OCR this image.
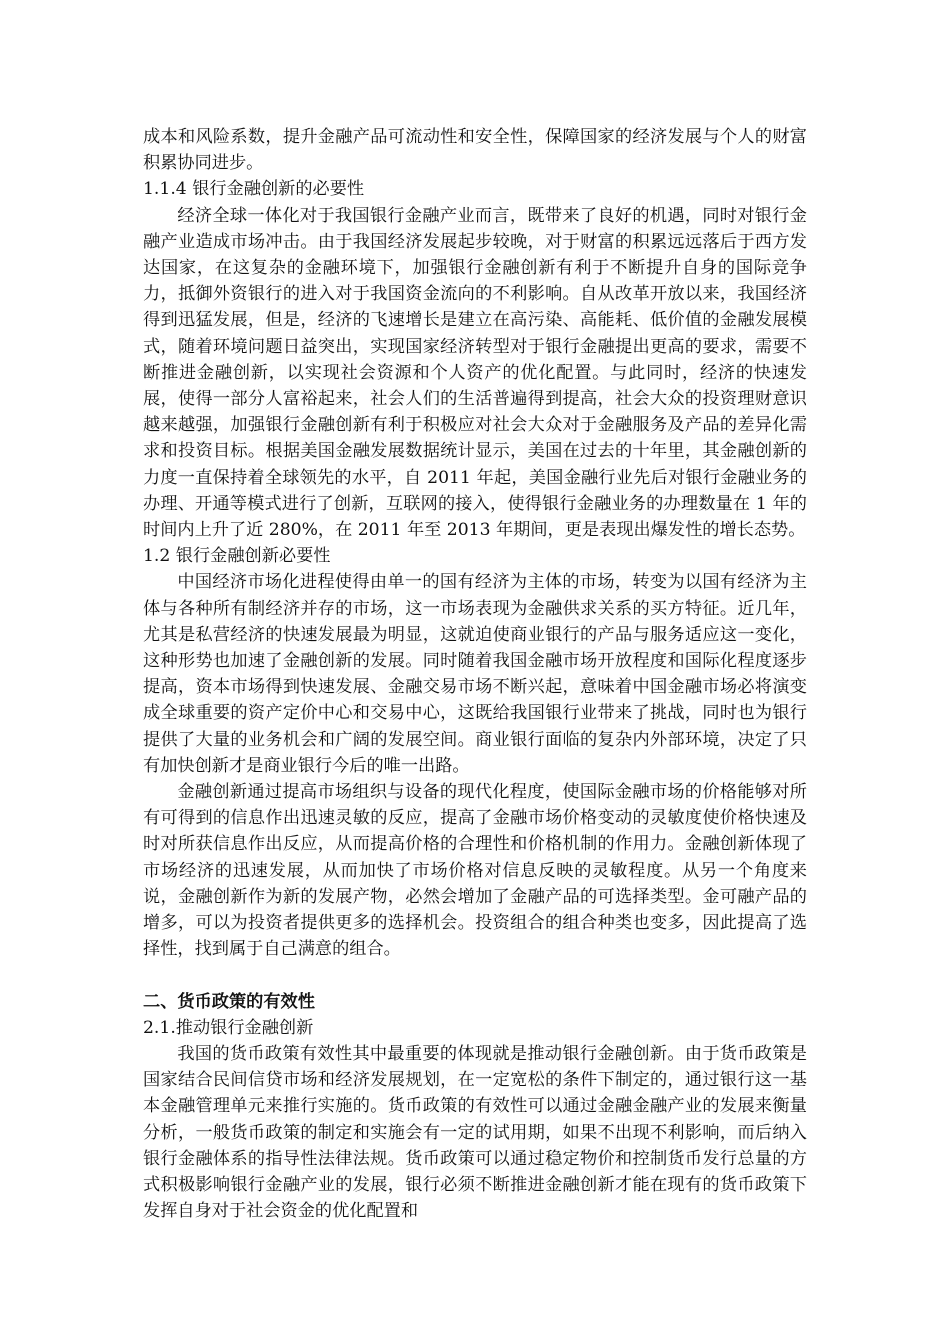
成本和风险系数，提升金融产品可流动性和安全性，保障国家的经济发展与个人的财富积累协同进步。

1.1.4 银行金融创新的必要性

经济全球一体化对于我国银行金融产业而言，既带来了良好的机遇，同时对银行金融产业造成市场冲击。由于我国经济发展起步较晚，对于财富的积累远远落后于西方发达国家，在这复杂的金融环境下，加强银行金融创新有利于不断提升自身的国际竞争力，抵御外资银行的进入对于我国资金流向的不利影响。自从改革开放以来，我国经济得到迅猛发展，但是，经济的飞速增长是建立在高污染、高能耗、低价值的金融发展模式，随着环境问题日益突出，实现国家经济转型对于银行金融提出更高的要求，需要不断推进金融创新，以实现社会资源和个人资产的优化配置。与此同时，经济的快速发展，使得一部分人富裕起来，社会人们的生活普遍得到提高，社会大众的投资理财意识越来越强，加强银行金融创新有利于积极应对社会大众对于金融服务及产品的差异化需求和投资目标。根据美国金融发展数据统计显示，美国在过去的十年里，其金融创新的力度一直保持着全球领先的水平，自 2011 年起，美国金融行业先后对银行金融业务的办理、开通等模式进行了创新，互联网的接入，使得银行金融业务的办理数量在 1 年的时间内上升了近 280%，在 2011 年至 2013 年期间，更是表现出爆发性的增长态势。

1.2 银行金融创新必要性

中国经济市场化进程使得由单一的国有经济为主体的市场，转变为以国有经济为主体与各种所有制经济并存的市场，这一市场表现为金融供求关系的买方特征。近几年，尤其是私营经济的快速发展最为明显，这就迫使商业银行的产品与服务适应这一变化，这种形势也加速了金融创新的发展。同时随着我国金融市场开放程度和国际化程度逐步提高，资本市场得到快速发展、金融交易市场不断兴起，意味着中国金融市场必将演变成全球重要的资产定价中心和交易中心，这既给我国银行业带来了挑战，同时也为银行提供了大量的业务机会和广阔的发展空间。商业银行面临的复杂内外部环境，决定了只有加快创新才是商业银行今后的唯一出路。

金融创新通过提高市场组织与设备的现代化程度，使国际金融市场的价格能够对所有可得到的信息作出迅速灵敏的反应，提高了金融市场价格变动的灵敏度使价格快速及时对所获信息作出反应，从而提高价格的合理性和价格机制的作用力。金融创新体现了市场经济的迅速发展，从而加快了市场价格对信息反映的灵敏程度。从另一个角度来说，金融创新作为新的发展产物，必然会增加了金融产品的可选择类型。金可融产品的增多，可以为投资者提供更多的选择机会。投资组合的组合种类也变多，因此提高了选择性，找到属于自己满意的组合。

二、货币政策的有效性

2.1.推动银行金融创新

我国的货币政策有效性其中最重要的体现就是推动银行金融创新。由于货币政策是国家结合民间信贷市场和经济发展规划，在一定宽松的条件下制定的，通过银行这一基本金融管理单元来推行实施的。货币政策的有效性可以通过金融金融产业的发展来衡量分析，一般货币政策的制定和实施会有一定的试用期，如果不出现不利影响，而后纳入银行金融体系的指导性法律法规。货币政策可以通过稳定物价和控制货币发行总量的方式积极影响银行金融产业的发展，银行必须不断推进金融创新才能在现有的货币政策下发挥自身对于社会资金的优化配置和
